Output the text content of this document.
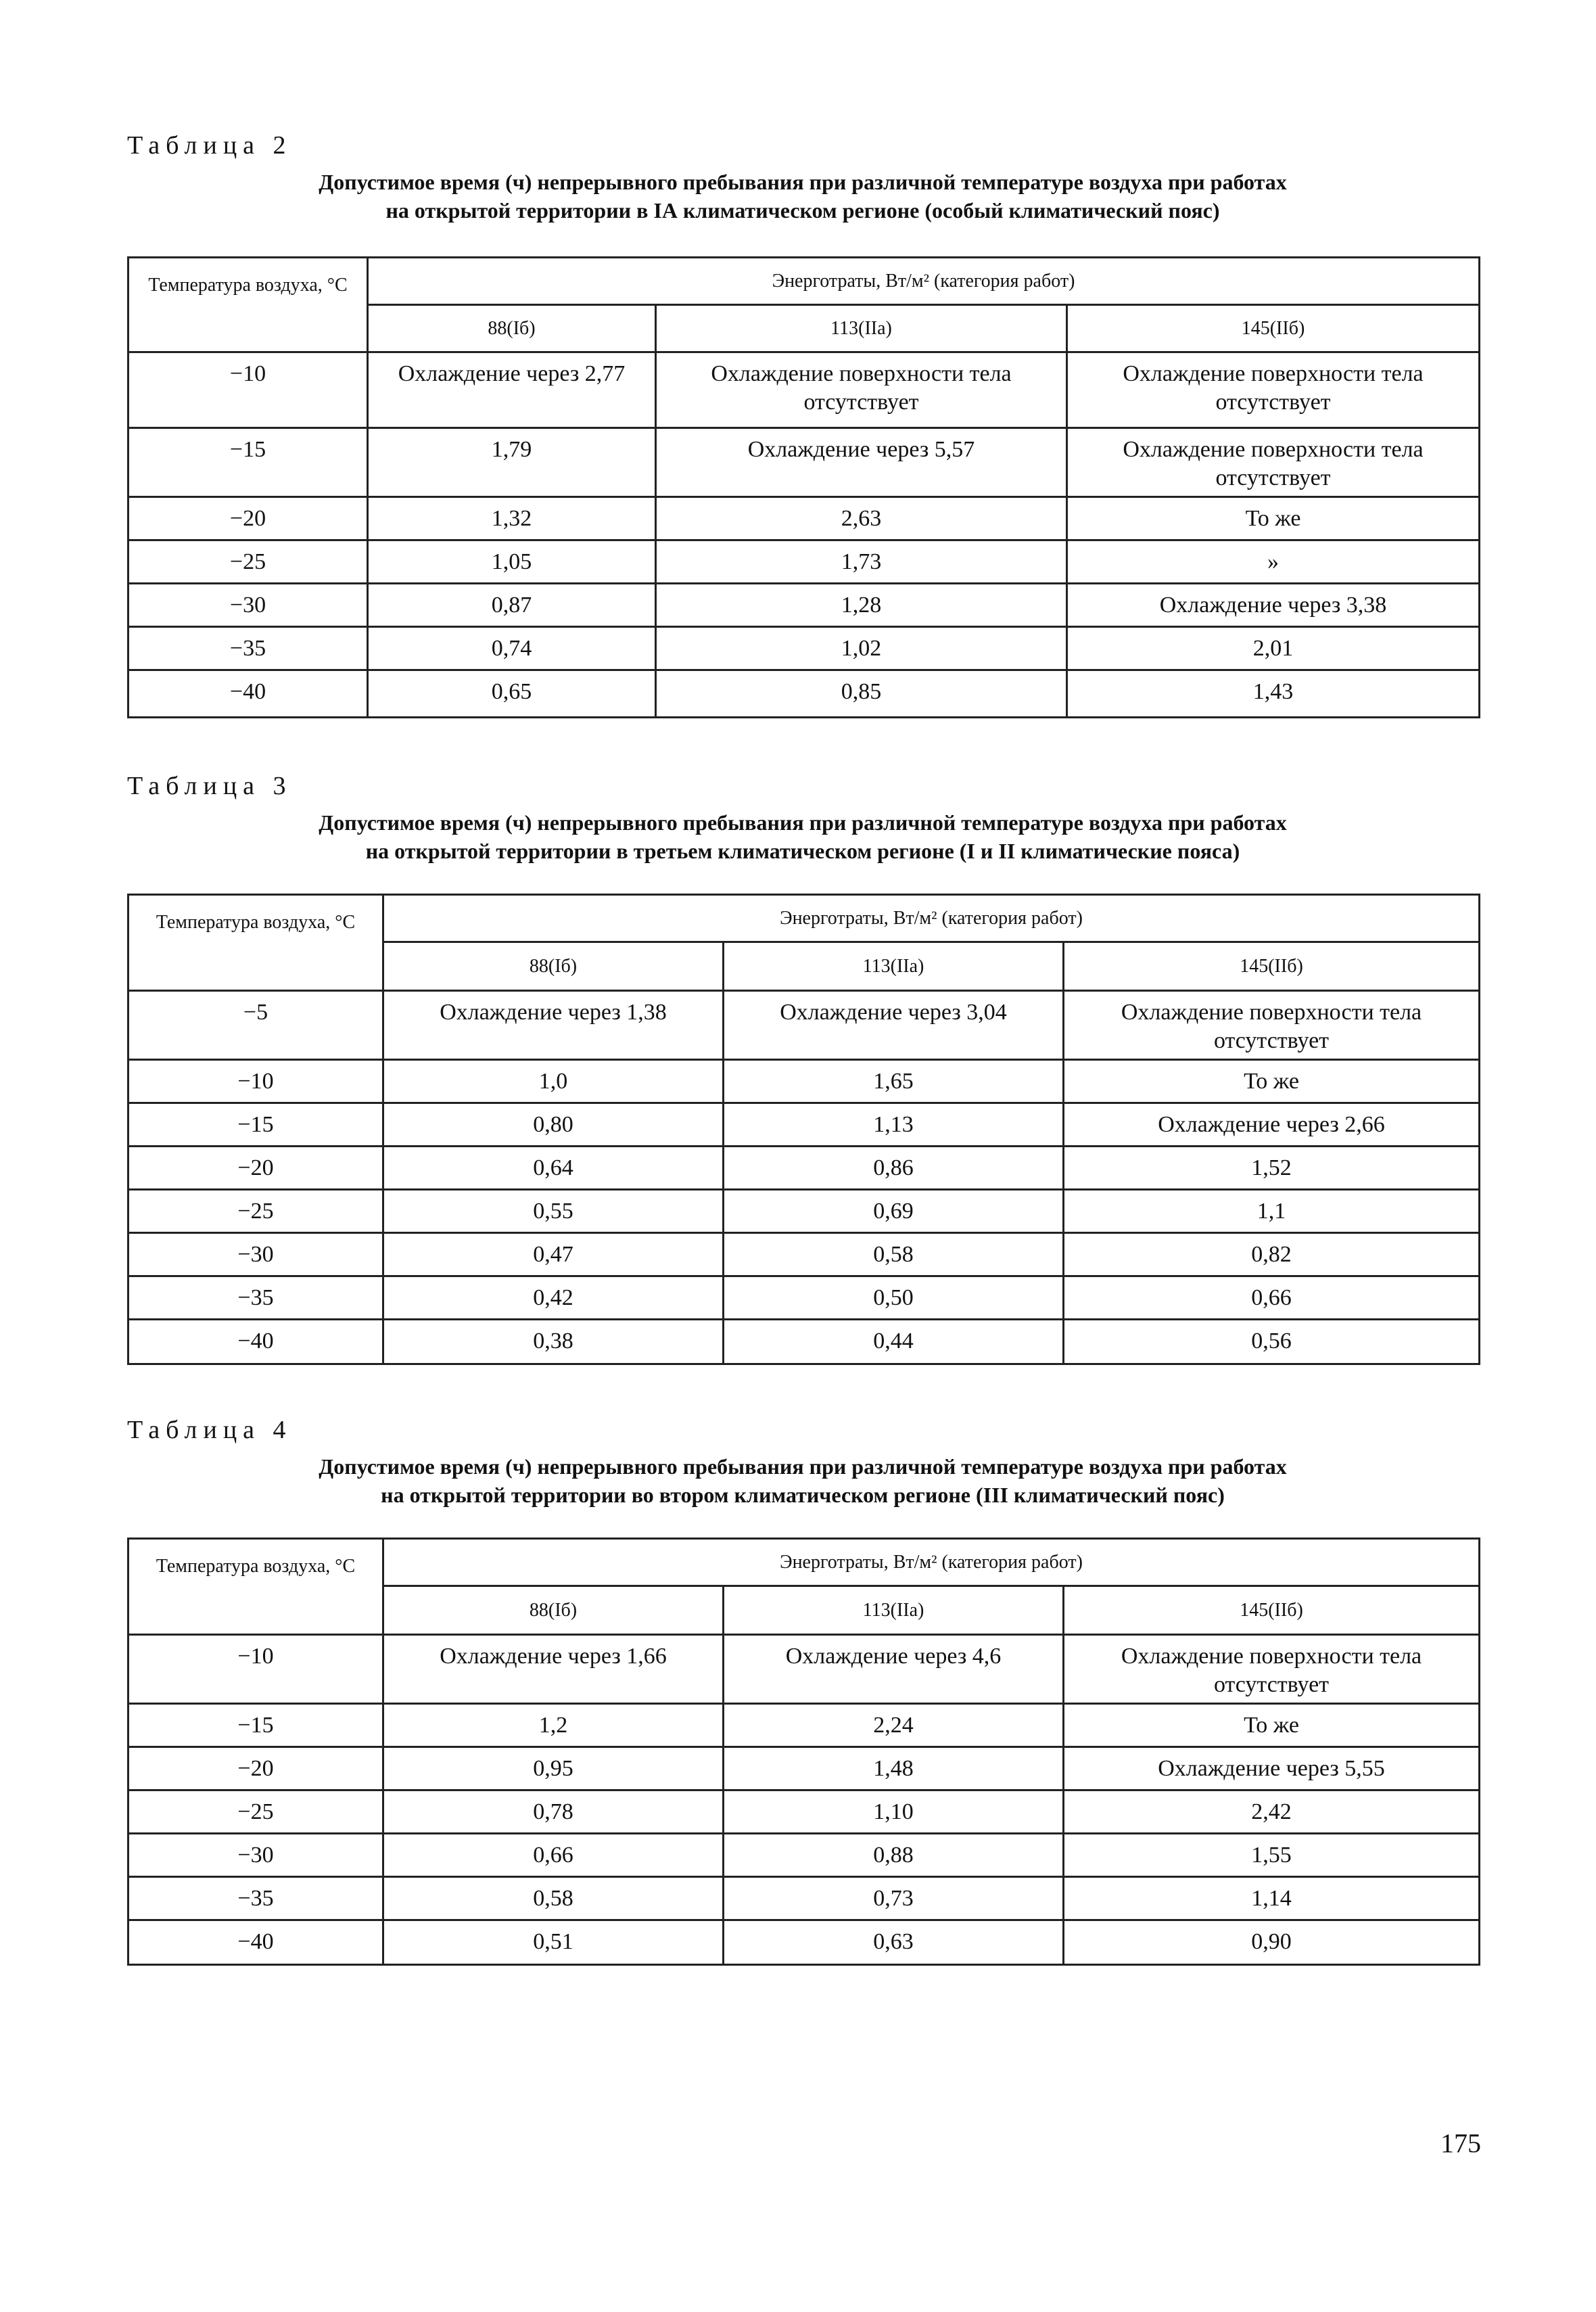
Таблица 2

Допустимое время (ч) непрерывного пребывания при различной температуре воздуха при работах
на открытой территории в IА климатическом регионе (особый климатический пояс)
Температура воздуха, °С	Энерготраты, Вт/м² (категория работ)		
	88(Iб)	113(IIа)	145(IIб)
−10	Охлаждение через 2,77	Охлаждение поверхности тела отсутствует	Охлаждение поверхности тела отсутствует
−15	1,79	Охлаждение через 5,57	Охлаждение поверхности тела отсутствует
−20	1,32	2,63	То же
−25	1,05	1,73	»
−30	0,87	1,28	Охлаждение через 3,38
−35	0,74	1,02	2,01
−40	0,65	0,85	1,43

Таблица 3

Допустимое время (ч) непрерывного пребывания при различной температуре воздуха при работах
на открытой территории в третьем климатическом регионе (I и II климатические пояса)
Температура воздуха, °С	Энерготраты, Вт/м² (категория работ)		
	88(Iб)	113(IIа)	145(IIб)
−5	Охлаждение через 1,38	Охлаждение через 3,04	Охлаждение поверхности тела отсутствует
−10	1,0	1,65	То же
−15	0,80	1,13	Охлаждение через 2,66
−20	0,64	0,86	1,52
−25	0,55	0,69	1,1
−30	0,47	0,58	0,82
−35	0,42	0,50	0,66
−40	0,38	0,44	0,56

Таблица 4

Допустимое время (ч) непрерывного пребывания при различной температуре воздуха при работах
на открытой территории во втором климатическом регионе (III климатический пояс)
Температура воздуха, °С	Энерготраты, Вт/м² (категория работ)		
	88(Iб)	113(IIа)	145(IIб)
−10	Охлаждение через 1,66	Охлаждение через 4,6	Охлаждение поверхности тела отсутствует
−15	1,2	2,24	То же
−20	0,95	1,48	Охлаждение через 5,55
−25	0,78	1,10	2,42
−30	0,66	0,88	1,55
−35	0,58	0,73	1,14
−40	0,51	0,63	0,90
175
